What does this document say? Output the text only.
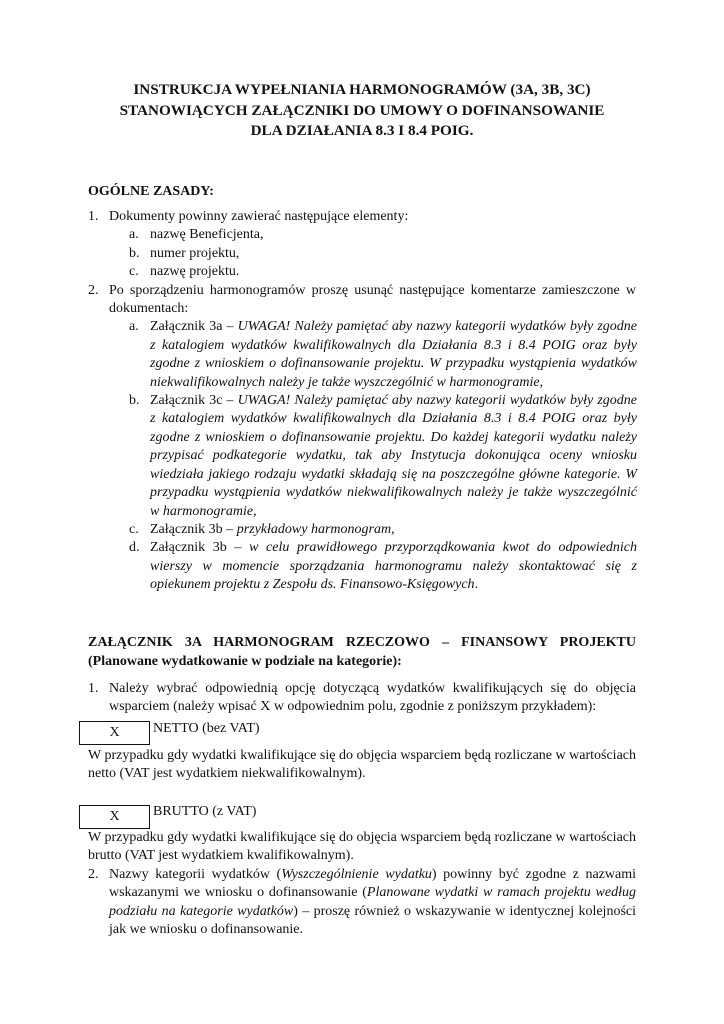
INSTRUKCJA WYPEŁNIANIA HARMONOGRAMÓW (3A, 3B, 3C)
STANOWIĄCYCH ZAŁĄCZNIKI DO UMOWY O DOFINANSOWANIE
DLA DZIAŁANIA 8.3 I 8.4 POIG.
OGÓLNE ZASADY:
1. Dokumenty powinny zawierać następujące elementy:
a. nazwę Beneficjenta,
b. numer projektu,
c. nazwę projektu.
2. Po sporządzeniu harmonogramów proszę usunąć następujące komentarze zamieszczone w dokumentach:
a. Załącznik 3a – UWAGA! Należy pamiętać aby nazwy kategorii wydatków były zgodne z katalogiem wydatków kwalifikowalnych dla Działania 8.3 i 8.4 POIG oraz były zgodne z wnioskiem o dofinansowanie projektu. W przypadku wystąpienia wydatków niekwalifikowalnych należy je także wyszczególnić w harmonogramie,
b. Załącznik 3c – UWAGA! Należy pamiętać aby nazwy kategorii wydatków były zgodne z katalogiem wydatków kwalifikowalnych dla Działania 8.3 i 8.4 POIG oraz były zgodne z wnioskiem o dofinansowanie projektu. Do każdej kategorii wydatku należy przypisać podkategorie wydatku, tak aby Instytucja dokonująca oceny wniosku wiedziała jakiego rodzaju wydatki składają się na poszczególne główne kategorie. W przypadku wystąpienia wydatków niekwalifikowalnych należy je także wyszczególnić w harmonogramie,
c. Załącznik 3b – przykładowy harmonogram,
d. Załącznik 3b – w celu prawidłowego przyporządkowania kwot do odpowiednich wierszy w momencie sporządzania harmonogramu należy skontaktować się z opiekunem projektu z Zespołu ds. Finansowo-Księgowych.
ZAŁĄCZNIK 3A HARMONOGRAM RZECZOWO – FINANSOWY PROJEKTU
(Planowane wydatkowanie w podziale na kategorie):
1. Należy wybrać odpowiednią opcję dotyczącą wydatków kwalifikujących się do objęcia wsparciem (należy wpisać X w odpowiednim polu, zgodnie z poniższym przykładem):
X	NETTO (bez VAT)
W przypadku gdy wydatki kwalifikujące się do objęcia wsparciem będą rozliczane w wartościach netto (VAT jest wydatkiem niekwalifikowalnym).
X	BRUTTO (z VAT)
W przypadku gdy wydatki kwalifikujące się do objęcia wsparciem będą rozliczane w wartościach brutto (VAT jest wydatkiem kwalifikowalnym).
2. Nazwy kategorii wydatków (Wyszczególnienie wydatku) powinny być zgodne z nazwami wskazanymi we wniosku o dofinansowanie (Planowane wydatki w ramach projektu według podziału na kategorie wydatków) – proszę również o wskazywanie w identycznej kolejności jak we wniosku o dofinansowanie.
